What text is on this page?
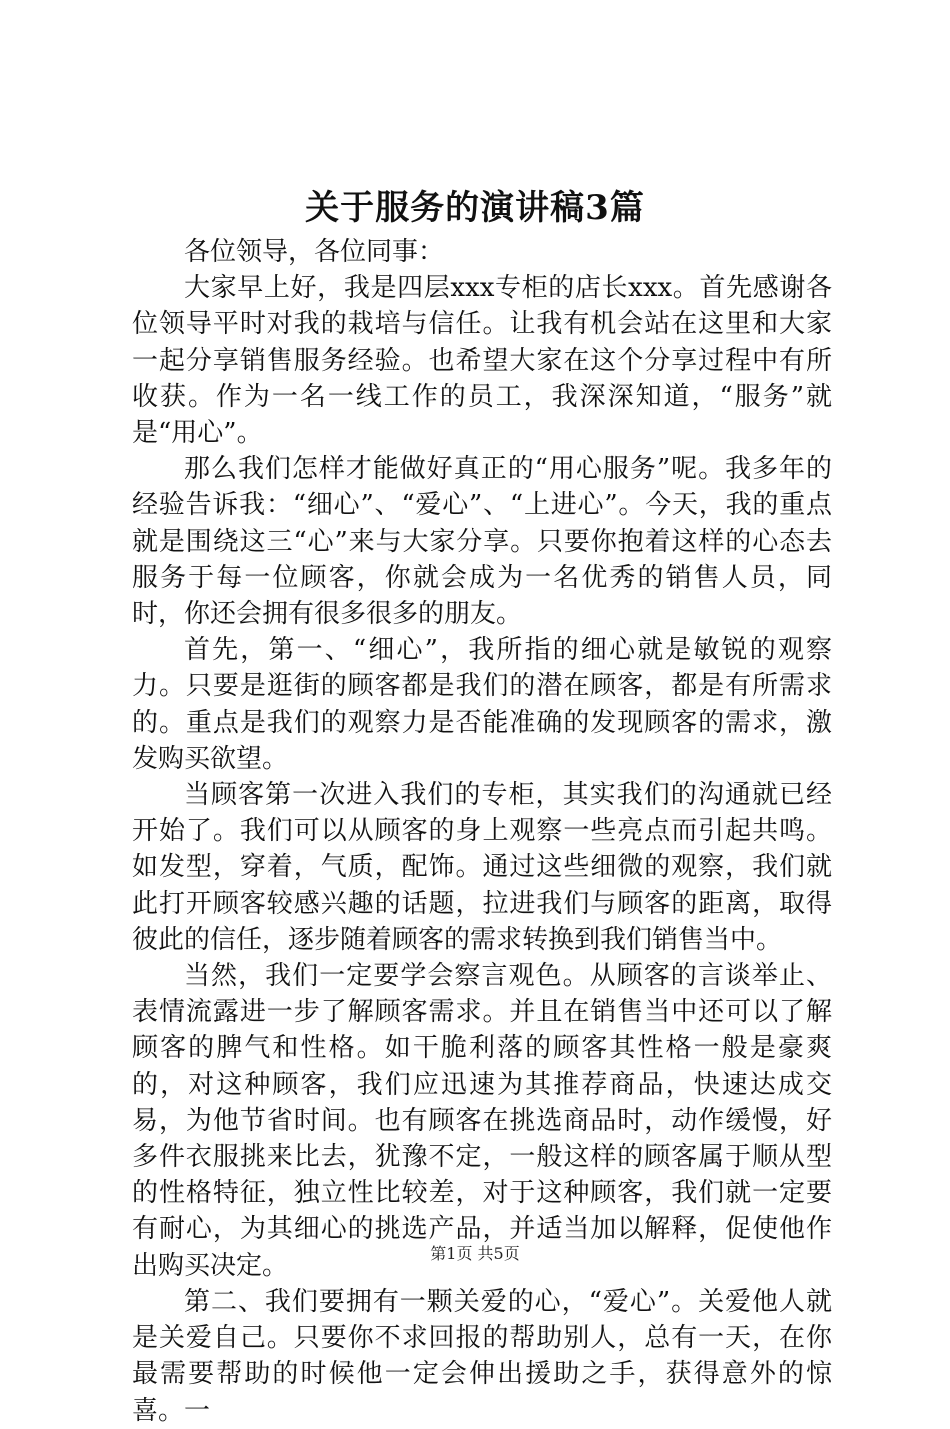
关于服务的演讲稿3篇

各位领导，各位同事：

大家早上好，我是四层xxx专柜的店长xxx。首先感谢各位领导平时对我的栽培与信任。让我有机会站在这里和大家一起分享销售服务经验。也希望大家在这个分享过程中有所收获。作为一名一线工作的员工，我深深知道，“服务”就是“用心”。

那么我们怎样才能做好真正的“用心服务”呢。我多年的经验告诉我：“细心”、“爱心”、“上进心”。今天，我的重点就是围绕这三“心”来与大家分享。只要你抱着这样的心态去服务于每一位顾客，你就会成为一名优秀的销售人员，同时，你还会拥有很多很多的朋友。

首先，第一、“细心”，我所指的细心就是敏锐的观察力。只要是逛街的顾客都是我们的潜在顾客，都是有所需求的。重点是我们的观察力是否能准确的发现顾客的需求，激发购买欲望。

当顾客第一次进入我们的专柜，其实我们的沟通就已经开始了。我们可以从顾客的身上观察一些亮点而引起共鸣。如发型，穿着，气质，配饰。通过这些细微的观察，我们就此打开顾客较感兴趣的话题，拉进我们与顾客的距离，取得彼此的信任，逐步随着顾客的需求转换到我们销售当中。

当然，我们一定要学会察言观色。从顾客的言谈举止、表情流露进一步了解顾客需求。并且在销售当中还可以了解顾客的脾气和性格。如干脆利落的顾客其性格一般是豪爽的，对这种顾客，我们应迅速为其推荐商品，快速达成交易，为他节省时间。也有顾客在挑选商品时，动作缓慢，好多件衣服挑来比去，犹豫不定，一般这样的顾客属于顺从型的性格特征，独立性比较差，对于这种顾客，我们就一定要有耐心，为其细心的挑选产品，并适当加以解释，促使他作出购买决定。

第二、我们要拥有一颗关爱的心，“爱心”。关爱他人就是关爱自己。只要你不求回报的帮助别人，总有一天，在你最需要帮助的时候他一定会伸出援助之手，获得意外的惊喜。一

第1页 共5页
